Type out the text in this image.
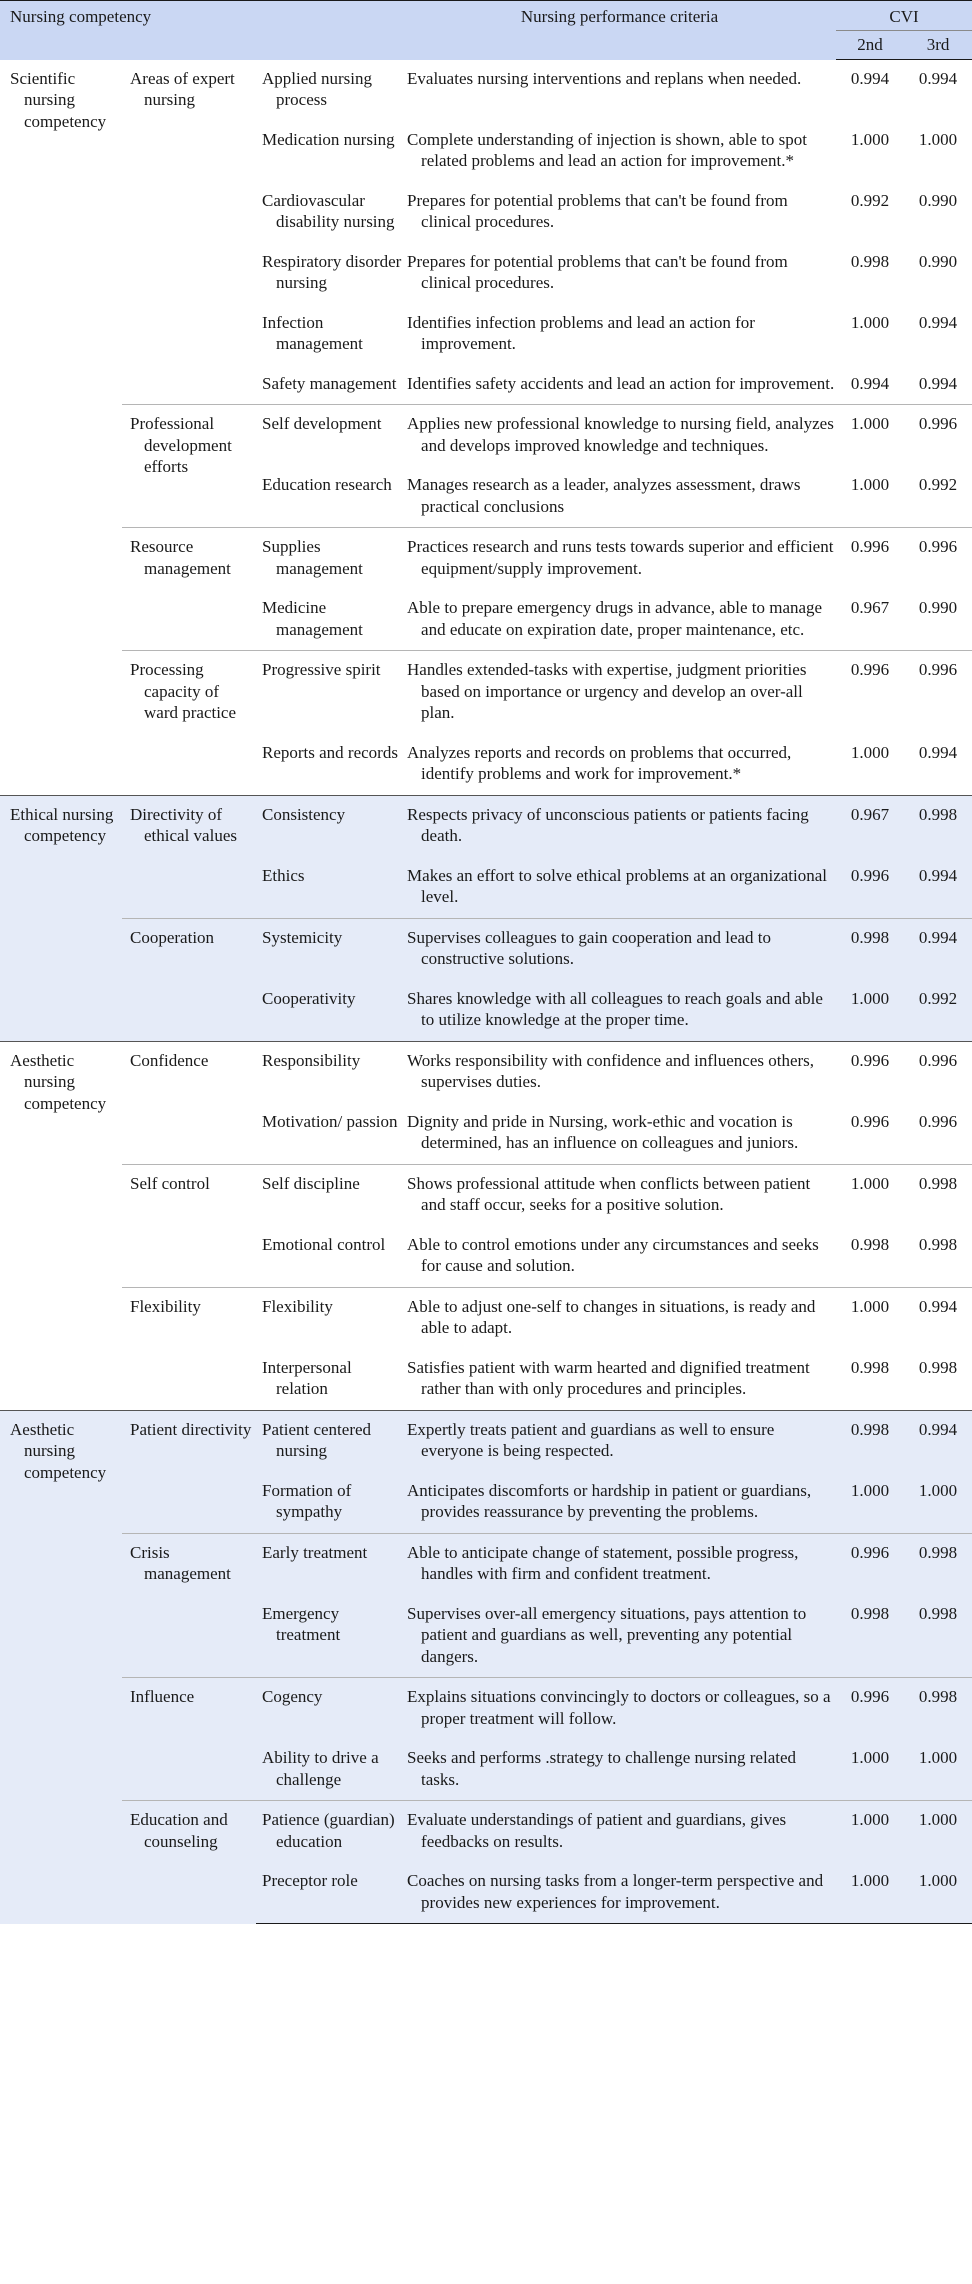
Nursing competency			Nursing performance criteria	CVI	
				2nd	3rd

Scientific nursing competency	Areas of expert nursing	Applied nursing process	Evaluates nursing interventions and replans when needed.	0.994	0.994

		Medication nursing	Complete understanding of injection is shown, able to spot related problems and lead an action for improvement.*	1.000	1.000

		Cardiovascular disability nursing	Prepares for potential problems that can't be found from clinical procedures.	0.992	0.990

		Respiratory disorder nursing	Prepares for potential problems that can't be found from clinical procedures.	0.998	0.990

		Infection management	Identifies infection problems and lead an action for improvement.	1.000	0.994

		Safety management	Identifies safety accidents and lead an action for improvement.	0.994	0.994

	Professional development efforts	Self development	Applies new professional knowledge to nursing field, analyzes and develops improved knowledge and techniques.	1.000	0.996

		Education research	Manages research as a leader, analyzes assessment, draws practical conclusions	1.000	0.992

	Resource management	Supplies management	Practices research and runs tests towards superior and efficient equipment/supply improvement.	0.996	0.996

		Medicine management	Able to prepare emergency drugs in advance, able to manage and educate on expiration date, proper maintenance, etc.	0.967	0.990

	Processing capacity of ward practice	Progressive spirit	Handles extended-tasks with expertise, judgment priorities based on importance or urgency and develop an over-all plan.	0.996	0.996

		Reports and records	Analyzes reports and records on problems that occurred, identify problems and work for improvement.*	1.000	0.994

Ethical nursing competency	Directivity of ethical values	Consistency	Respects privacy of unconscious patients or patients facing death.	0.967	0.998

		Ethics	Makes an effort to solve ethical problems at an organizational level.	0.996	0.994

	Cooperation	Systemicity	Supervises colleagues to gain cooperation and lead to constructive solutions.	0.998	0.994

		Cooperativity	Shares knowledge with all colleagues to reach goals and able to utilize knowledge at the proper time.	1.000	0.992

Aesthetic nursing competency	Confidence	Responsibility	Works responsibility with confidence and influences others, supervises duties.	0.996	0.996

		Motivation/ passion	Dignity and pride in Nursing, work-ethic and vocation is determined, has an influence on colleagues and juniors.	0.996	0.996

	Self control	Self discipline	Shows professional attitude when conflicts between patient and staff occur, seeks for a positive solution.	1.000	0.998

		Emotional control	Able to control emotions under any circumstances and seeks for cause and solution.	0.998	0.998

	Flexibility	Flexibility	Able to adjust one-self to changes in situations, is ready and able to adapt.	1.000	0.994

		Interpersonal relation	Satisfies patient with warm hearted and dignified treatment rather than with only procedures and principles.	0.998	0.998

Aesthetic nursing competency	Patient directivity	Patient centered nursing	Expertly treats patient and guardians as well to ensure everyone is being respected.	0.998	0.994

		Formation of sympathy	Anticipates discomforts or hardship in patient or guardians, provides reassurance by preventing the problems.	1.000	1.000

	Crisis management	Early treatment	Able to anticipate change of statement, possible progress, handles with firm and confident treatment.	0.996	0.998

		Emergency treatment	Supervises over-all emergency situations, pays attention to patient and guardians as well, preventing any potential dangers.	0.998	0.998

	Influence	Cogency	Explains situations convincingly to doctors or colleagues, so a proper treatment will follow.	0.996	0.998

		Ability to drive a challenge	Seeks and performs .strategy to challenge nursing related tasks.	1.000	1.000

	Education and counseling	Patience (guardian) education	Evaluate understandings of patient and guardians, gives feedbacks on results.	1.000	1.000

		Preceptor role	Coaches on nursing tasks from a longer-term perspective and provides new experiences for improvement.	1.000	1.000
